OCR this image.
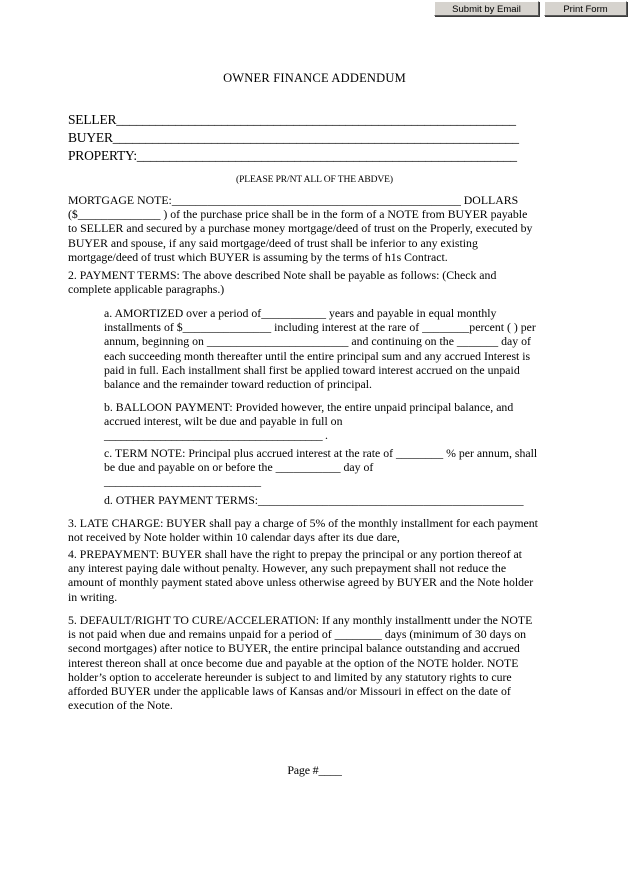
Submit by Email	Print Form
OWNER FINANCE ADDENDUM
SELLER_____________________________________________________________
BUYER______________________________________________________________
PROPERTY:__________________________________________________________
(PLEASE PR/NT ALL OF THE ABDVE)
MORTGAGE NOTE:_________________________________________________ DOLLARS ($______________ ) of the purchase price shall be in the form of a NOTE from BUYER payable to SELLER and secured by a purchase money mortgage/deed of trust on the Properly, executed by BUYER and spouse, if any said mortgage/deed of trust shall be inferior to any existing mortgage/deed of trust which BUYER is assuming by the terms of h1s Contract.
2. PAYMENT TERMS: The above described Note shall be payable as follows: (Check and complete applicable paragraphs.)
a. AMORTIZED over a period of___________ years and payable in equal monthly installments of $_______________ including interest at the rare of ________percent ( ) per annum, beginning on ________________________ and continuing on the _______ day of each succeeding month thereafter until the entire principal sum and any accrued Interest is paid in full. Each installment shall first be applied toward interest accrued on the unpaid balance and the remainder toward reduction of principal.
b. BALLOON PAYMENT: Provided however, the entire unpaid principal balance, and accrued interest, wilt be due and payable in full on
_______________________________________ .
c. TERM NOTE: Principal plus accrued interest at the rate of ________ % per annum, shall be due and payable on or before the ___________ day of
____________________________
d. OTHER PAYMENT TERMS:_____________________________________________
3. LATE CHARGE: BUYER shall pay a charge of 5% of the monthly installment for each payment not received by Note holder within 10 calendar days after its due dare,
4. PREPAYMENT: BUYER shall have the right to prepay the principal or any portion thereof at any interest paying dale without penalty. However, any such prepayment shall not reduce the amount of monthly payment stated above unless otherwise agreed by BUYER and the Note holder in writing.
5. DEFAULT/RIGHT TO CURE/ACCELERATION: If any monthly installmentt under the NOTE is not paid when due and remains unpaid for a period of ________ days (minimum of 30 days on second mortgages) after notice to BUYER, the entire principal balance outstanding and accrued interest thereon shall at once become due and payable at the option of the NOTE holder. NOTE holder’s option to accelerate hereunder is subject to and limited by any statutory rights to cure afforded BUYER under the applicable laws of Kansas and/or Missouri in effect on the date of execution of the Note.
Page #____
